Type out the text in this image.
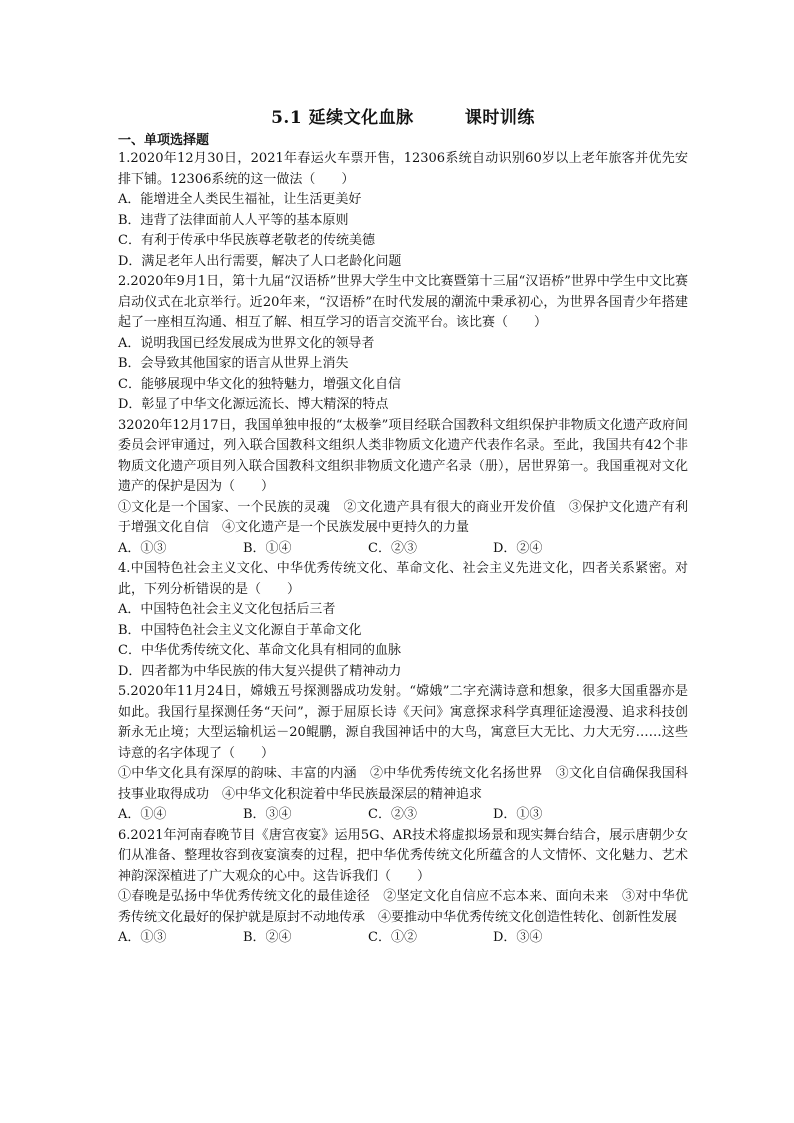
5.1 延续文化血脉        课时训练
一、单项选择题

1.2020年12月30日，2021年春运火车票开售，12306系统自动识别60岁以上老年旅客并优先安排下铺。12306系统的这一做法（　　）

A．能增进全人类民生福祉，让生活更美好

B．违背了法律面前人人平等的基本原则

C．有利于传承中华民族尊老敬老的传统美德

D．满足老年人出行需要，解决了人口老龄化问题

2.2020年9月1日，第十九届“汉语桥”世界大学生中文比赛暨第十三届“汉语桥”世界中学生中文比赛启动仪式在北京举行。近20年来，“汉语桥”在时代发展的潮流中秉承初心，为世界各国青少年搭建起了一座相互沟通、相互了解、相互学习的语言交流平台。该比赛（　　）

A．说明我国已经发展成为世界文化的领导者

B．会导致其他国家的语言从世界上消失

C．能够展现中华文化的独特魅力，增强文化自信

D．彰显了中华文化源远流长、博大精深的特点

32020年12月17日，我国单独申报的“太极拳”项目经联合国教科文组织保护非物质文化遗产政府间委员会评审通过，列入联合国教科文组织人类非物质文化遗产代表作名录。至此，我国共有42个非物质文化遗产项目列入联合国教科文组织非物质文化遗产名录（册），居世界第一。我国重视对文化遗产的保护是因为（　　）

①文化是一个国家、一个民族的灵魂　②文化遗产具有很大的商业开发价值　③保护文化遗产有利于增强文化自信　④文化遗产是一个民族发展中更持久的力量

A．①③	B．①④	C．②③	D．②④

4.中国特色社会主义文化、中华优秀传统文化、革命文化、社会主义先进文化，四者关系紧密。对此，下列分析错误的是（　　）

A．中国特色社会主义文化包括后三者

B．中国特色社会主义文化源自于革命文化

C．中华优秀传统文化、革命文化具有相同的血脉

D．四者都为中华民族的伟大复兴提供了精神动力

5.2020年11月24日，嫦娥五号探测器成功发射。“嫦娥”二字充满诗意和想象，很多大国重器亦是如此。我国行星探测任务“天问”，源于屈原长诗《天问》寓意探求科学真理征途漫漫、追求科技创新永无止境；大型运输机运－20鲲鹏，源自我国神话中的大鸟，寓意巨大无比、力大无穷……这些诗意的名字体现了（　　）

①中华文化具有深厚的韵味、丰富的内涵　②中华优秀传统文化名扬世界　③文化自信确保我国科技事业取得成功　④中华文化积淀着中华民族最深层的精神追求

A．①④	B．③④	C．②③	D．①③

6.2021年河南春晚节目《唐宫夜宴》运用5G、AR技术将虚拟场景和现实舞台结合，展示唐朝少女们从准备、整理妆容到夜宴演奏的过程，把中华优秀传统文化所蕴含的人文情怀、文化魅力、艺术神韵深深植进了广大观众的心中。这告诉我们（　　）

①春晚是弘扬中华优秀传统文化的最佳途径　②坚定文化自信应不忘本来、面向未来　③对中华优秀传统文化最好的保护就是原封不动地传承　④要推动中华优秀传统文化创造性转化、创新性发展

A．①③	B．②④	C．①②	D．③④
